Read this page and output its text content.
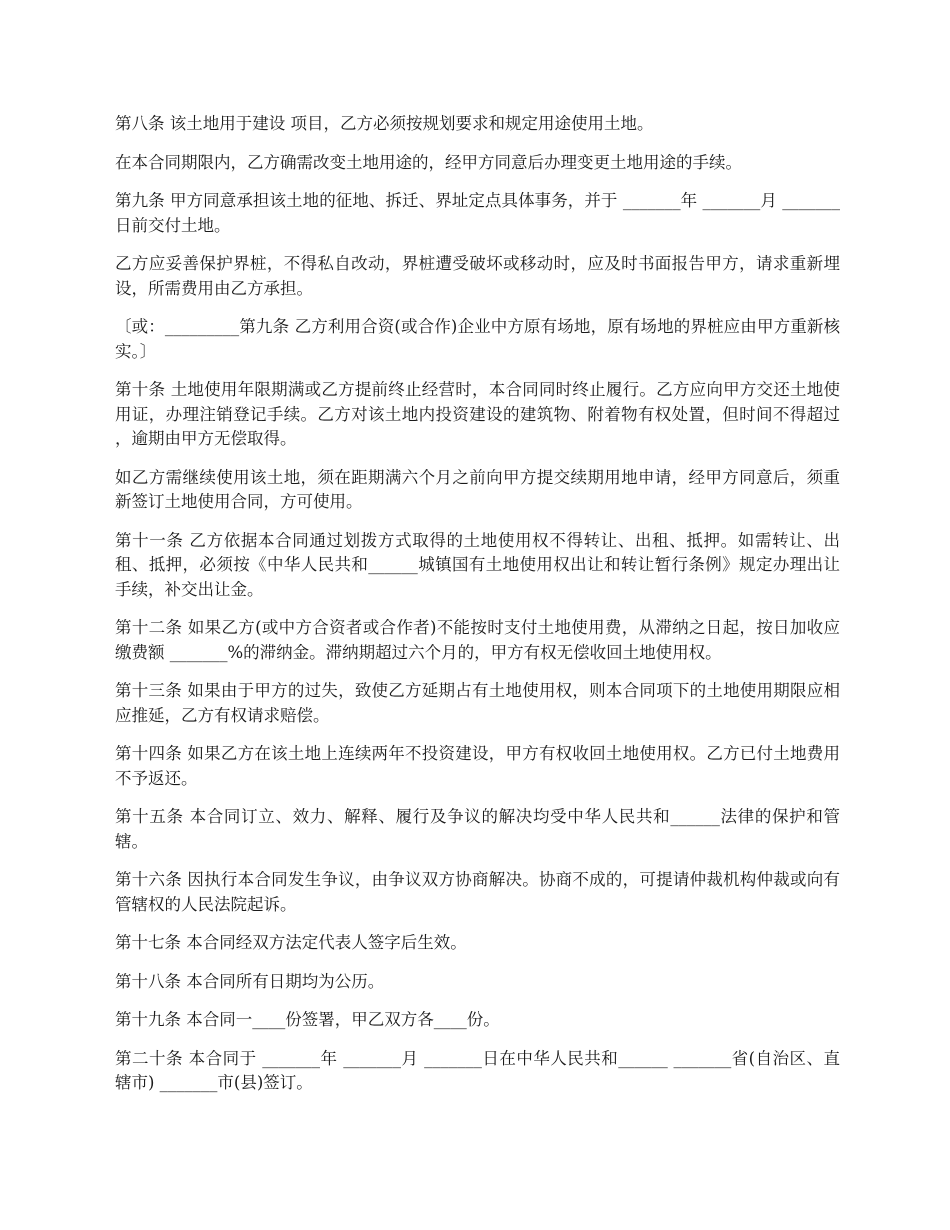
第八条 该土地用于建设 项目，乙方必须按规划要求和规定用途使用土地。

在本合同期限内，乙方确需改变土地用途的，经甲方同意后办理变更土地用途的手续。

第九条 甲方同意承担该土地的征地、拆迁、界址定点具体事务，并于 _______年 _______月 _______日前交付土地。

乙方应妥善保护界桩，不得私自改动，界桩遭受破坏或移动时，应及时书面报告甲方，请求重新埋设，所需费用由乙方承担。

〔或：_________第九条 乙方利用合资(或合作)企业中方原有场地，原有场地的界桩应由甲方重新核实。〕

第十条 土地使用年限期满或乙方提前终止经营时，本合同同时终止履行。乙方应向甲方交还土地使用证，办理注销登记手续。乙方对该土地内投资建设的建筑物、附着物有权处置，但时间不得超过 ，逾期由甲方无偿取得。

如乙方需继续使用该土地，须在距期满六个月之前向甲方提交续期用地申请，经甲方同意后，须重新签订土地使用合同，方可使用。

第十一条 乙方依据本合同通过划拨方式取得的土地使用权不得转让、出租、抵押。如需转让、出租、抵押，必须按《中华人民共和______城镇国有土地使用权出让和转让暂行条例》规定办理出让手续，补交出让金。

第十二条 如果乙方(或中方合资者或合作者)不能按时支付土地使用费，从滞纳之日起，按日加收应缴费额 _______%的滞纳金。滞纳期超过六个月的，甲方有权无偿收回土地使用权。

第十三条 如果由于甲方的过失，致使乙方延期占有土地使用权，则本合同项下的土地使用期限应相应推延，乙方有权请求赔偿。

第十四条 如果乙方在该土地上连续两年不投资建设，甲方有权收回土地使用权。乙方已付土地费用不予返还。

第十五条 本合同订立、效力、解释、履行及争议的解决均受中华人民共和______法律的保护和管辖。

第十六条 因执行本合同发生争议，由争议双方协商解决。协商不成的，可提请仲裁机构仲裁或向有管辖权的人民法院起诉。

第十七条 本合同经双方法定代表人签字后生效。

第十八条 本合同所有日期均为公历。

第十九条 本合同一____份签署，甲乙双方各____份。

第二十条 本合同于 _______年 _______月 _______日在中华人民共和______ _______省(自治区、直辖市) _______市(县)签订。
